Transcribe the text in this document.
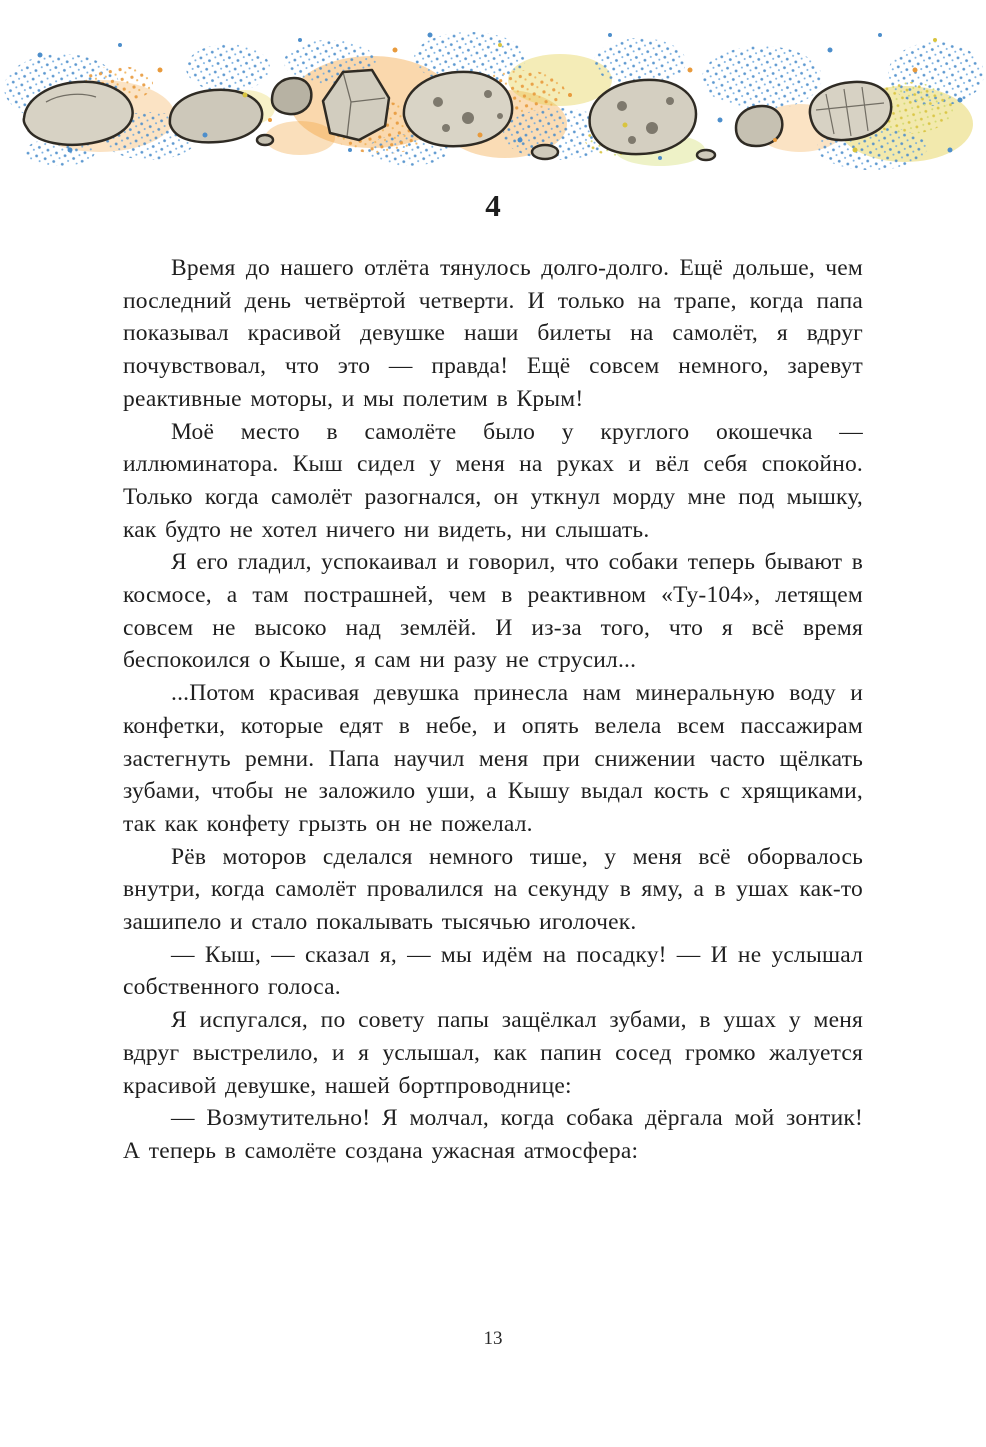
4

Время до нашего отлёта тянулось долго-долго. Ещё дольше, чем последний день четвёртой четверти. И только на трапе, когда папа показывал красивой девушке наши билеты на самолёт, я вдруг почувствовал, что это — правда! Ещё совсем немного, заревут реактивные моторы, и мы полетим в Крым!

Моё место в самолёте было у круглого окошечка — иллюминатора. Кыш сидел у меня на руках и вёл себя спокойно. Только когда самолёт разогнался, он уткнул морду мне под мышку, как будто не хотел ничего ни видеть, ни слышать.

Я его гладил, успокаивал и говорил, что собаки теперь бывают в космосе, а там пострашней, чем в реактивном «Ту-104», летящем совсем не высоко над землёй. И из-за того, что я всё время беспокоился о Кыше, я сам ни разу не струсил...

...Потом красивая девушка принесла нам минеральную воду и конфетки, которые едят в небе, и опять велела всем пассажирам застегнуть ремни. Папа научил меня при снижении часто щёлкать зубами, чтобы не заложило уши, а Кышу выдал кость с хрящиками, так как конфету грызть он не пожелал.

Рёв моторов сделался немного тише, у меня всё оборвалось внутри, когда самолёт провалился на секунду в яму, а в ушах как-то зашипело и стало покалывать тысячью иголочек.

— Кыш, — сказал я, — мы идём на посадку! — И не услышал собственного голоса.

Я испугался, по совету папы защёлкал зубами, в ушах у меня вдруг выстрелило, и я услышал, как папин сосед громко жалуется красивой девушке, нашей бортпроводнице:

— Возмутительно! Я молчал, когда собака дёргала мой зонтик! А теперь в самолёте создана ужасная атмосфера:

13
